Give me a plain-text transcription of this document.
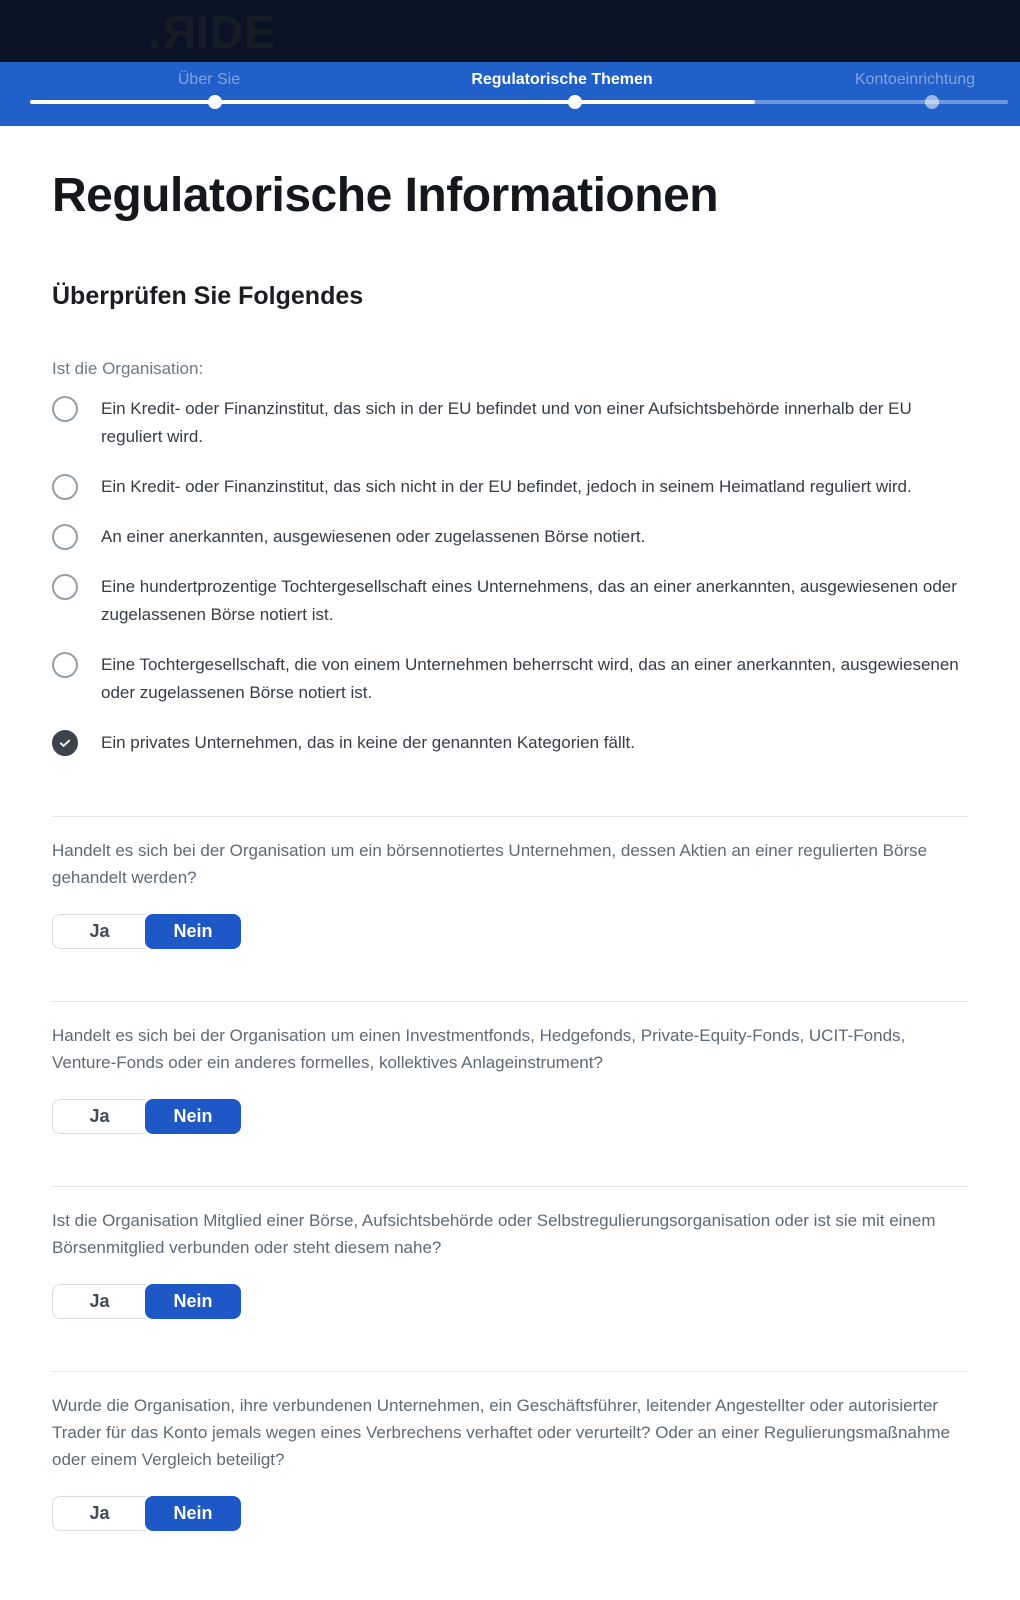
.RIDE
Über Sie	Regulatorische Themen	Kontoeinrichtung
Regulatorische Informationen
Überprüfen Sie Folgendes
Ist die Organisation:
Ein Kredit- oder Finanzinstitut, das sich in der EU befindet und von einer Aufsichtsbehörde innerhalb der EU reguliert wird.
Ein Kredit- oder Finanzinstitut, das sich nicht in der EU befindet, jedoch in seinem Heimatland reguliert wird.
An einer anerkannten, ausgewiesenen oder zugelassenen Börse notiert.
Eine hundertprozentige Tochtergesellschaft eines Unternehmens, das an einer anerkannten, ausgewiesenen oder zugelassenen Börse notiert ist.
Eine Tochtergesellschaft, die von einem Unternehmen beherrscht wird, das an einer anerkannten, ausgewiesenen oder zugelassenen Börse notiert ist.
Ein privates Unternehmen, das in keine der genannten Kategorien fällt.

Handelt es sich bei der Organisation um ein börsennotiertes Unternehmen, dessen Aktien an einer regulierten Börse gehandelt werden?

Ja	Nein

Handelt es sich bei der Organisation um einen Investmentfonds, Hedgefonds, Private-Equity-Fonds, UCIT-Fonds, Venture-Fonds oder ein anderes formelles, kollektives Anlageinstrument?

Ja	Nein

Ist die Organisation Mitglied einer Börse, Aufsichtsbehörde oder Selbstregulierungsorganisation oder ist sie mit einem Börsenmitglied verbunden oder steht diesem nahe?

Ja	Nein

Wurde die Organisation, ihre verbundenen Unternehmen, ein Geschäftsführer, leitender Angestellter oder autorisierter Trader für das Konto jemals wegen eines Verbrechens verhaftet oder verurteilt? Oder an einer Regulierungsmaßnahme oder einem Vergleich beteiligt?

Ja	Nein
